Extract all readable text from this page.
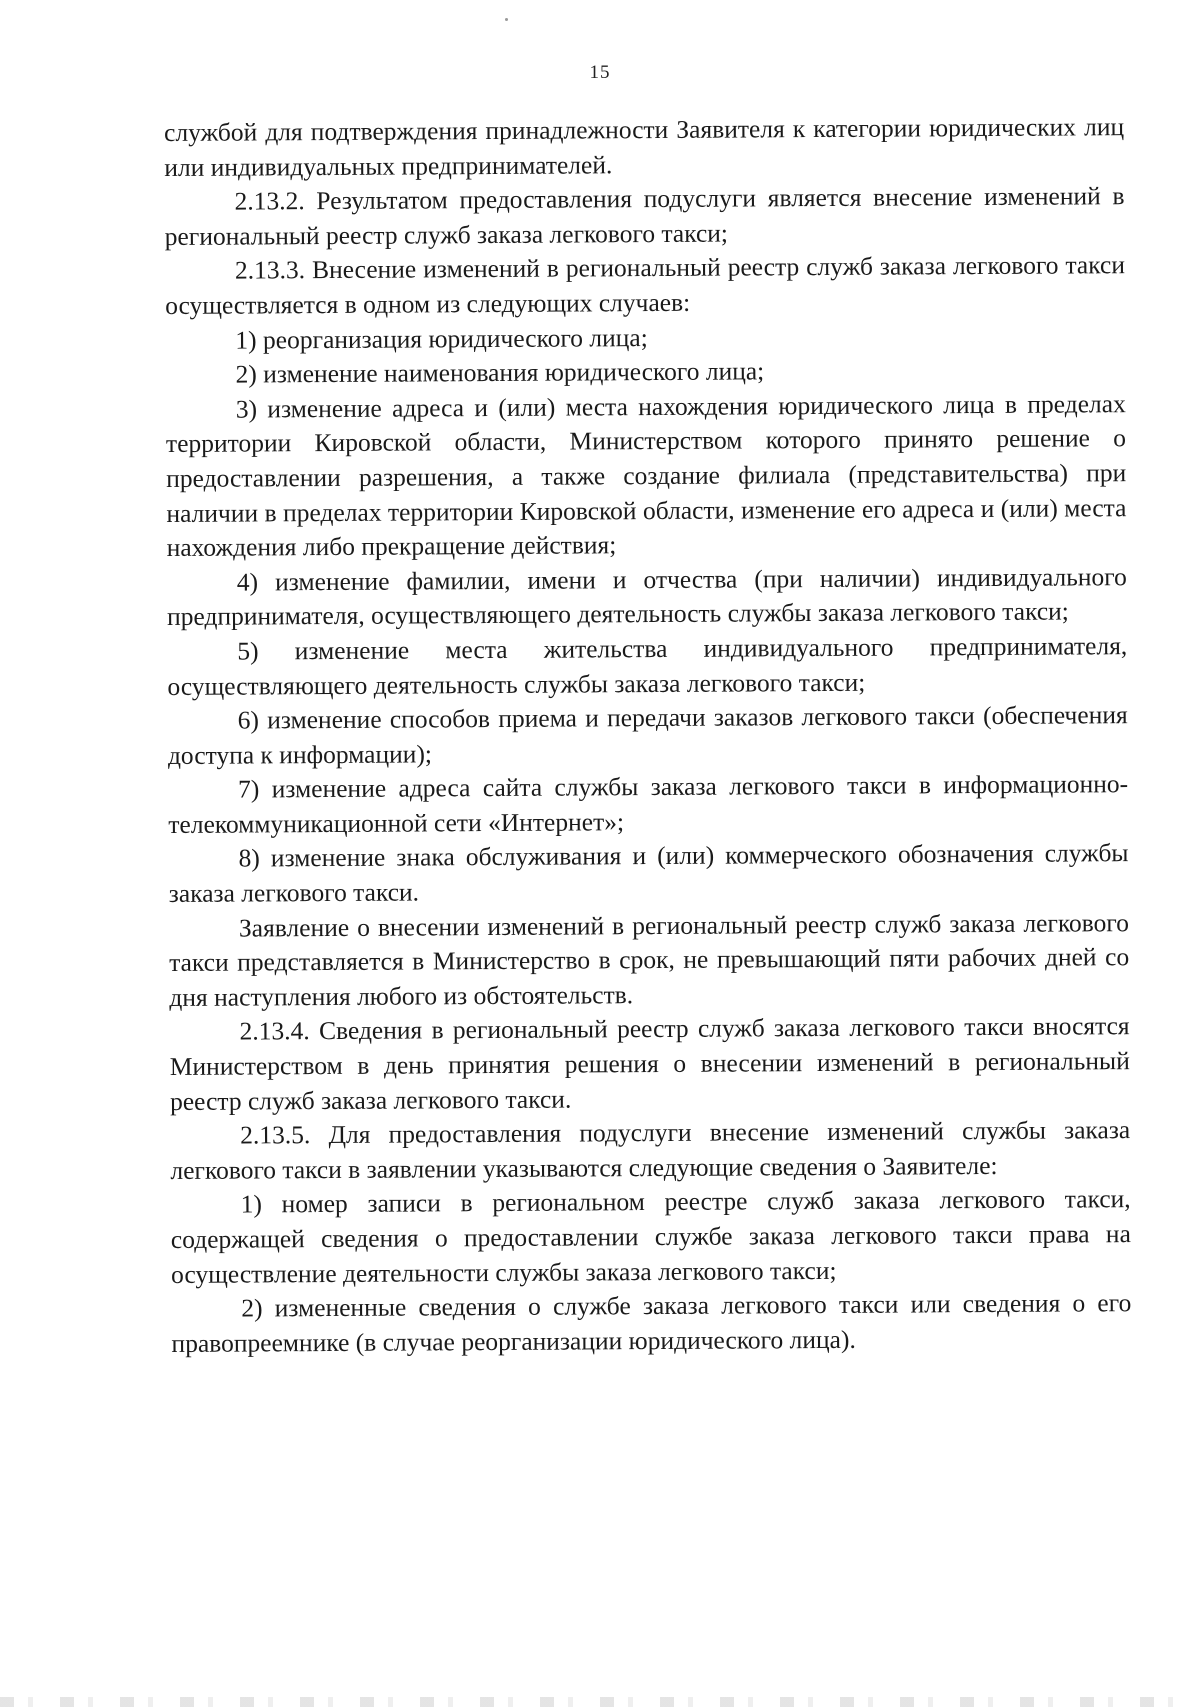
15

службой для подтверждения принадлежности Заявителя к категории юридических лиц или индивидуальных предпринимателей.

2.13.2. Результатом предоставления подуслуги является внесение изменений в региональный реестр служб заказа легкового такси;

2.13.3. Внесение изменений в региональный реестр служб заказа легкового такси осуществляется в одном из следующих случаев:

1) реорганизация юридического лица;

2) изменение наименования юридического лица;

3) изменение адреса и (или) места нахождения юридического лица в пределах территории Кировской области, Министерством которого принято решение о предоставлении разрешения, а также создание филиала (представительства) при наличии в пределах территории Кировской области, изменение его адреса и (или) места нахождения либо прекращение действия;

4) изменение фамилии, имени и отчества (при наличии) индивидуального предпринимателя, осуществляющего деятельность службы заказа легкового такси;

5) изменение места жительства индивидуального предпринимателя, осуществляющего деятельность службы заказа легкового такси;

6) изменение способов приема и передачи заказов легкового такси (обеспечения доступа к информации);

7) изменение адреса сайта службы заказа легкового такси в информационно-телекоммуникационной сети «Интернет»;

8) изменение знака обслуживания и (или) коммерческого обозначения службы заказа легкового такси.

Заявление о внесении изменений в региональный реестр служб заказа легкового такси представляется в Министерство в срок, не превышающий пяти рабочих дней со дня наступления любого из обстоятельств.

2.13.4. Сведения в региональный реестр служб заказа легкового такси вносятся Министерством в день принятия решения о внесении изменений в региональный реестр служб заказа легкового такси.

2.13.5. Для предоставления подуслуги внесение изменений службы заказа легкового такси в заявлении указываются следующие сведения о Заявителе:

1) номер записи в региональном реестре служб заказа легкового такси, содержащей сведения о предоставлении службе заказа легкового такси права на осуществление деятельности службы заказа легкового такси;

2) измененные сведения о службе заказа легкового такси или сведения о его правопреемнике (в случае реорганизации юридического лица).
